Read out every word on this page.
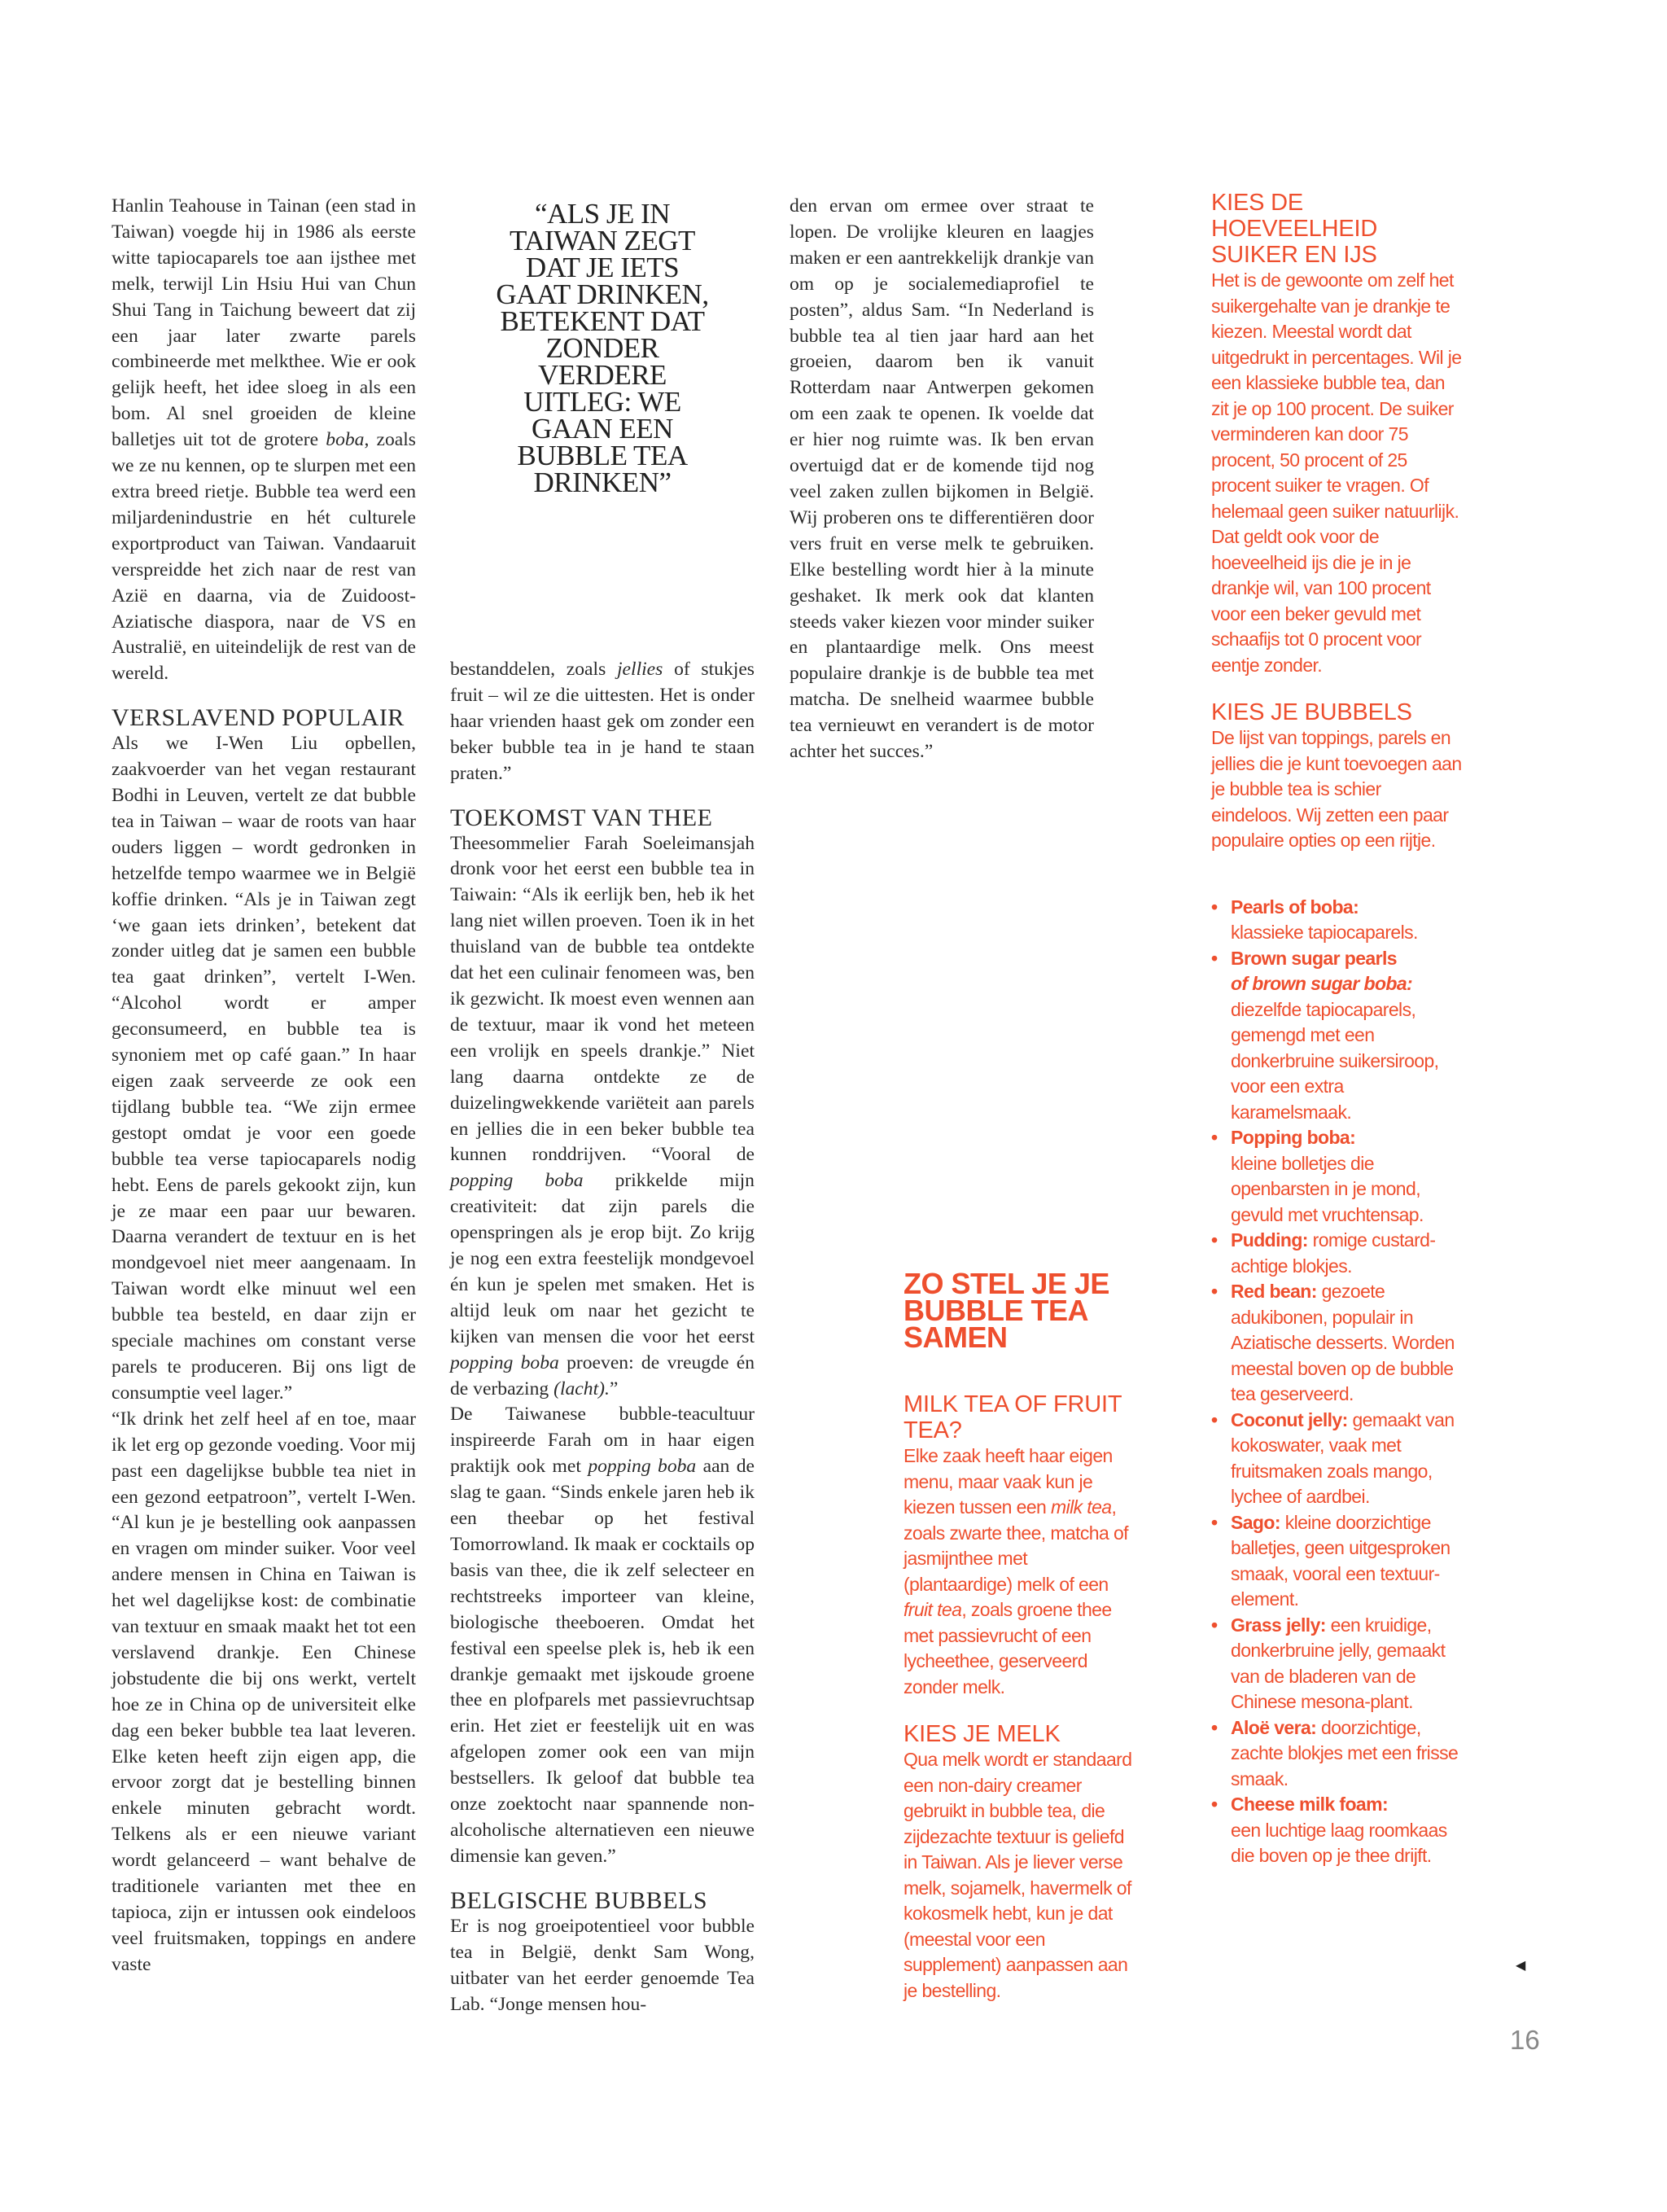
Hanlin Teahouse in Tainan (een stad in Taiwan) voegde hij in 1986 als eerste witte tapiocaparels toe aan ijsthee met melk, terwijl Lin Hsiu Hui van Chun Shui Tang in Taichung beweert dat zij een jaar later zwarte parels combineerde met melkthee. Wie er ook gelijk heeft, het idee sloeg in als een bom. Al snel groeiden de kleine balletjes uit tot de grotere boba, zoals we ze nu kennen, op te slurpen met een extra breed rietje. Bubble tea werd een miljardenindustrie en hét culturele exportproduct van Taiwan. Vandaaruit verspreidde het zich naar de rest van Azië en daarna, via de Zuidoost-Aziatische diaspora, naar de VS en Australië, en uiteindelijk de rest van de wereld.

VERSLAVEND POPULAIR

Als we I-Wen Liu opbellen, zaakvoerder van het vegan restaurant Bodhi in Leuven, vertelt ze dat bubble tea in Taiwan – waar de roots van haar ouders liggen – wordt gedronken in hetzelfde tempo waarmee we in België koffie drinken. “Als je in Taiwan zegt ‘we gaan iets drinken’, betekent dat zonder uitleg dat je samen een bubble tea gaat drinken”, vertelt I-Wen. “Alcohol wordt er amper geconsumeerd, en bubble tea is synoniem met op café gaan.” In haar eigen zaak serveerde ze ook een tijdlang bubble tea. “We zijn ermee gestopt omdat je voor een goede bubble tea verse tapiocaparels nodig hebt. Eens de parels gekookt zijn, kun je ze maar een paar uur bewaren. Daarna verandert de textuur en is het mondgevoel niet meer aangenaam. In Taiwan wordt elke minuut wel een bubble tea besteld, en daar zijn er speciale machines om constant verse parels te produceren. Bij ons ligt de consumptie veel lager.”

“Ik drink het zelf heel af en toe, maar ik let erg op gezonde voeding. Voor mij past een dagelijkse bubble tea niet in een gezond eetpatroon”, vertelt I-Wen. “Al kun je je bestelling ook aanpassen en vragen om minder suiker. Voor veel andere mensen in China en Taiwan is het wel dagelijkse kost: de combinatie van textuur en smaak maakt het tot een verslavend drankje. Een Chinese jobstudente die bij ons werkt, vertelt hoe ze in China op de universiteit elke dag een beker bubble tea laat leveren. Elke keten heeft zijn eigen app, die ervoor zorgt dat je bestelling binnen enkele minuten gebracht wordt. Telkens als er een nieuwe variant wordt gelanceerd – want behalve de traditionele varianten met thee en tapioca, zijn er intussen ook eindeloos veel fruitsmaken, toppings en andere vaste

“ALS JE IN TAIWAN ZEGT DAT JE IETS GAAT DRINKEN, BETEKENT DAT ZONDER VERDERE UITLEG: WE GAAN EEN BUBBLE TEA DRINKEN”

bestanddelen, zoals jellies of stukjes fruit – wil ze die uittesten. Het is onder haar vrienden haast gek om zonder een beker bubble tea in je hand te staan praten.”

TOEKOMST VAN THEE

Theesommelier Farah Soeleimansjah dronk voor het eerst een bubble tea in Taiwain: “Als ik eerlijk ben, heb ik het lang niet willen proeven. Toen ik in het thuisland van de bubble tea ontdekte dat het een culinair fenomeen was, ben ik gezwicht. Ik moest even wennen aan de textuur, maar ik vond het meteen een vrolijk en speels drankje.” Niet lang daarna ontdekte ze de duizelingwekkende variëteit aan parels en jellies die in een beker bubble tea kunnen ronddrijven. “Vooral de popping boba prikkelde mijn creativiteit: dat zijn parels die openspringen als je erop bijt. Zo krijg je nog een extra feestelijk mondgevoel én kun je spelen met smaken. Het is altijd leuk om naar het gezicht te kijken van mensen die voor het eerst popping boba proeven: de vreugde én de verbazing (lacht).”

De Taiwanese bubble-teacultuur inspireerde Farah om in haar eigen praktijk ook met popping boba aan de slag te gaan. “Sinds enkele jaren heb ik een theebar op het festival Tomorrowland. Ik maak er cocktails op basis van thee, die ik zelf selecteer en rechtstreeks importeer van kleine, biologische theeboeren. Omdat het festival een speelse plek is, heb ik een drankje gemaakt met ijskoude groene thee en plofparels met passievruchtsap erin. Het ziet er feestelijk uit en was afgelopen zomer ook een van mijn bestsellers. Ik geloof dat bubble tea onze zoektocht naar spannende non-alcoholische alternatieven een nieuwe dimensie kan geven.”

BELGISCHE BUBBELS

Er is nog groeipotentieel voor bubble tea in België, denkt Sam Wong, uitbater van het eerder genoemde Tea Lab. “Jonge mensen hou-

den ervan om ermee over straat te lopen. De vrolijke kleuren en laagjes maken er een aantrekkelijk drankje van om op je socialemediaprofiel te posten”, aldus Sam. “In Nederland is bubble tea al tien jaar hard aan het groeien, daarom ben ik vanuit Rotterdam naar Antwerpen gekomen om een zaak te openen. Ik voelde dat er hier nog ruimte was. Ik ben ervan overtuigd dat er de komende tijd nog veel zaken zullen bijkomen in België. Wij proberen ons te differentiëren door vers fruit en verse melk te gebruiken. Elke bestelling wordt hier à la minute geshaket. Ik merk ook dat klanten steeds vaker kiezen voor minder suiker en plantaardige melk. Ons meest populaire drankje is de bubble tea met matcha. De snelheid waarmee bubble tea vernieuwt en verandert is de motor achter het succes.”

ZO STEL JE JE BUBBLE TEA SAMEN

MILK TEA OF FRUIT TEA?

Elke zaak heeft haar eigen menu, maar vaak kun je kiezen tussen een milk tea, zoals zwarte thee, matcha of jasmijnthee met (plantaardige) melk of een fruit tea, zoals groene thee met passievrucht of een lycheethee, geserveerd zonder melk.

KIES JE MELK

Qua melk wordt er standaard een non-dairy creamer gebruikt in bubble tea, die zijdezachte textuur is geliefd in Taiwan. Als je liever verse melk, sojamelk, havermelk of kokosmelk hebt, kun je dat (meestal voor een supplement) aanpassen aan je bestelling.

KIES DE HOEVEELHEID SUIKER EN IJS

Het is de gewoonte om zelf het suikergehalte van je drankje te kiezen. Meestal wordt dat uitgedrukt in percentages. Wil je een klassieke bubble tea, dan zit je op 100 procent. De suiker verminderen kan door 75 procent, 50 procent of 25 procent suiker te vragen. Of helemaal geen suiker natuurlijk. Dat geldt ook voor de hoeveelheid ijs die je in je drankje wil, van 100 procent voor een beker gevuld met schaafijs tot 0 procent voor eentje zonder.

KIES JE BUBBELS

De lijst van toppings, parels en jellies die je kunt toevoegen aan je bubble tea is schier eindeloos. Wij zetten een paar populaire opties op een rijtje.

• Pearls of boba:
klassieke tapiocaparels.
• Brown sugar pearls
of brown sugar boba: diezelfde tapiocaparels, gemengd met een donkerbruine suikersiroop, voor een extra karamelsmaak.
• Popping boba:
kleine bolletjes die openbarsten in je mond, gevuld met vruchtensap.
• Pudding: romige custard-achtige blokjes.
• Red bean: gezoete adukibonen, populair in Aziatische desserts. Worden meestal boven op de bubble tea geserveerd.
• Coconut jelly: gemaakt van kokoswater, vaak met fruitsmaken zoals mango, lychee of aardbei.
• Sago: kleine doorzichtige balletjes, geen uitgesproken smaak, vooral een textuur-element.
• Grass jelly: een kruidige, donkerbruine jelly, gemaakt van de bladeren van de Chinese mesona-plant.
• Aloë vera: doorzichtige, zachte blokjes met een frisse smaak.
• Cheese milk foam:
een luchtige laag roomkaas die boven op je thee drijft.
◀
16
